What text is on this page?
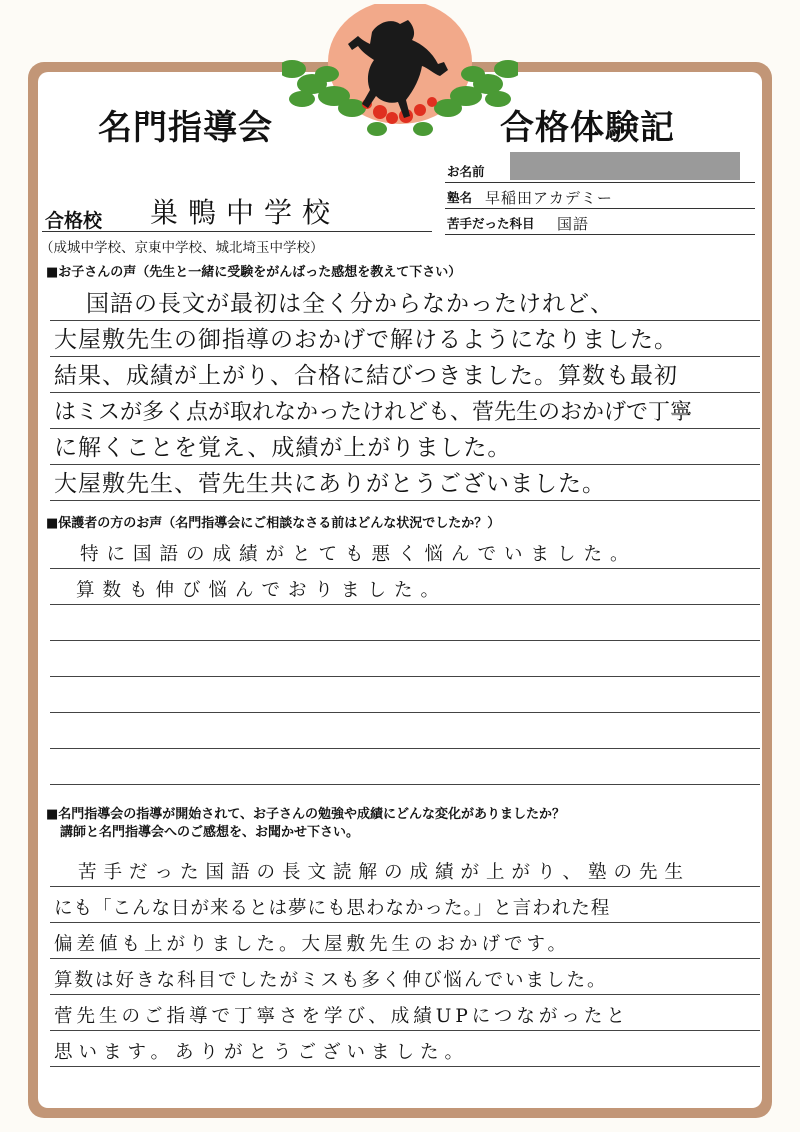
名門指導会	合格体験記
お名前
塾名 早稲田アカデミー
苦手だった科目 国語
合格校 巣鴨中学校
（成城中学校、京東中学校、城北埼玉中学校）
■お子さんの声（先生と一緒に受験をがんばった感想を教えて下さい）
国語の長文が最初は全く分からなかったけれど、
大屋敷先生の御指導のおかげで解けるようになりました。
結果、成績が上がり、合格に結びつきました。算数も最初
はミスが多く点が取れなかったけれども、菅先生のおかげで丁寧
に解くことを覚え、成績が上がりました。
大屋敷先生、菅先生共にありがとうございました。
■保護者の方のお声（名門指導会にご相談なさる前はどんな状況でしたか？）
特に国語の成績がとても悪く悩んでいました。
算数も伸び悩んでおりました。
■名門指導会の指導が開始されて、お子さんの勉強や成績にどんな変化がありましたか？
講師と名門指導会へのご感想を、お聞かせ下さい。
苦手だった国語の長文読解の成績が上がり、塾の先生
にも「こんな日が来るとは夢にも思わなかった。」と言われた程
偏差値も上がりました。大屋敷先生のおかげです。
算数は好きな科目でしたがミスも多く伸び悩んでいました。
菅先生のご指導で丁寧さを学び、成績UPにつながったと
思います。ありがとうございました。
